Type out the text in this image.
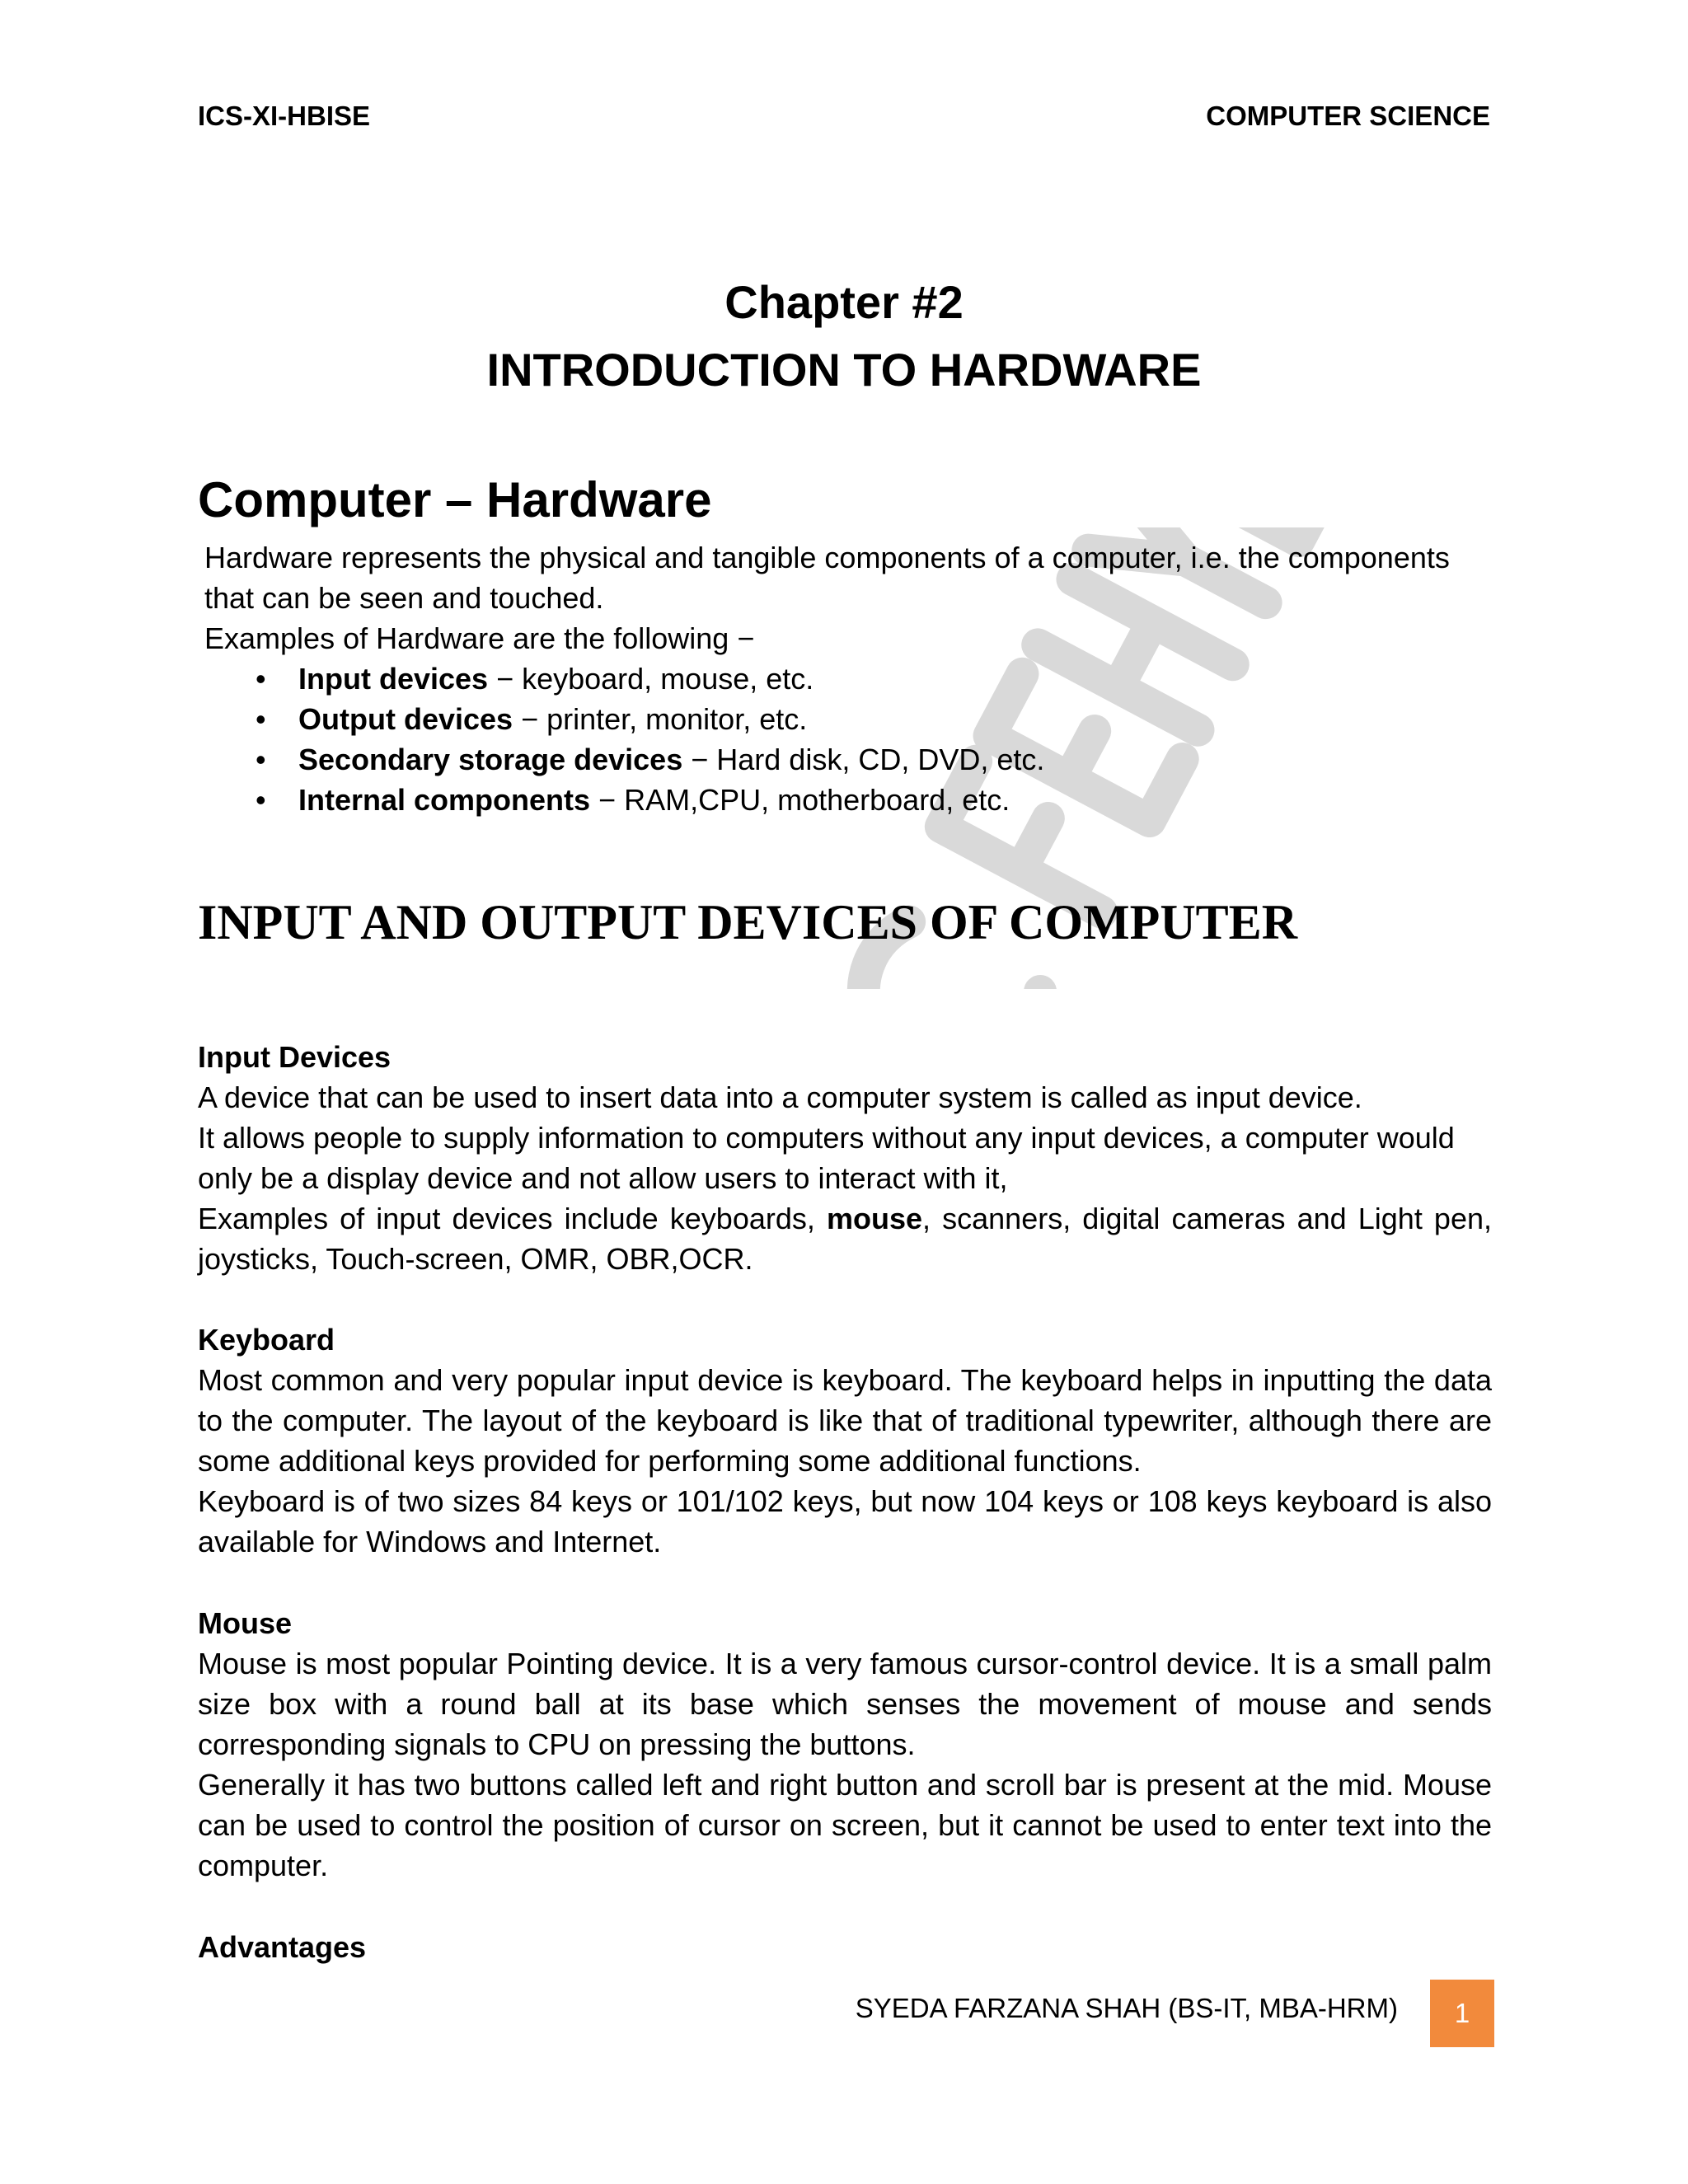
ICS-XI-HBISE	COMPUTER SCIENCE
Chapter #2
INTRODUCTION TO HARDWARE
Computer – Hardware

Hardware represents the physical and tangible components of a computer, i.e. the components that can be seen and touched.

Examples of Hardware are the following −

• Input devices − keyboard, mouse, etc.
• Output devices − printer, monitor, etc.
• Secondary storage devices − Hard disk, CD, DVD, etc.
• Internal components − RAM,CPU, motherboard, etc.
INPUT AND OUTPUT DEVICES OF COMPUTER

Input Devices

A device that can be used to insert data into a computer system is called as input device.

It allows people to supply information to computers without any input devices, a computer would only be a display device and not allow users to interact with it,

Examples of input devices include keyboards, mouse, scanners, digital cameras and Light pen, joysticks, Touch-screen, OMR, OBR,OCR.

Keyboard

Most common and very popular input device is keyboard. The keyboard helps in inputting the data to the computer. The layout of the keyboard is like that of traditional typewriter, although there are some additional keys provided for performing some additional functions.

Keyboard is of two sizes 84 keys or 101/102 keys, but now 104 keys or 108 keys keyboard is also available for Windows and Internet.

Mouse

Mouse is most popular Pointing device. It is a very famous cursor-control device. It is a small palm size box with a round ball at its base which senses the movement of mouse and sends corresponding signals to CPU on pressing the buttons.

Generally it has two buttons called left and right button and scroll bar is present at the mid. Mouse can be used to control the position of cursor on screen, but it cannot be used to enter text into the computer.

Advantages

SYEDA FARZANA SHAH (BS-IT, MBA-HRM)	1
